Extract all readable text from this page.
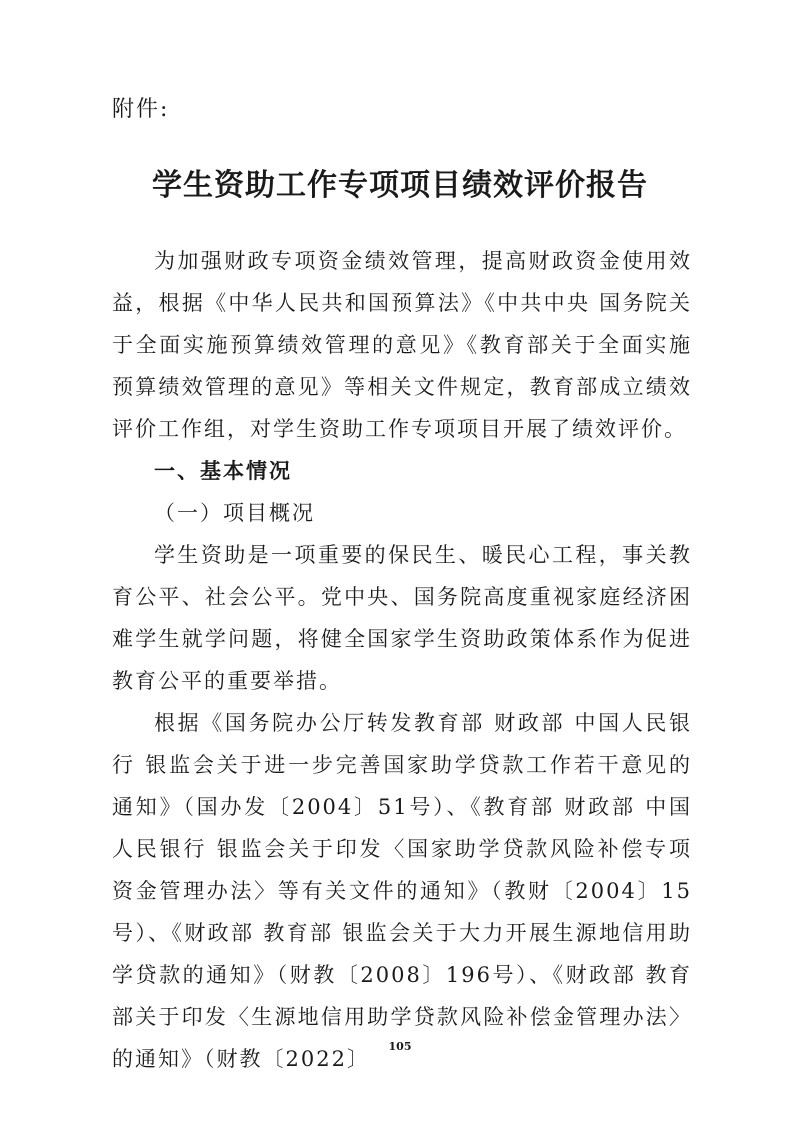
附件:
学生资助工作专项项目绩效评价报告

为加强财政专项资金绩效管理，提高财政资金使用效益，根据《中华人民共和国预算法》《中共中央 国务院关于全面实施预算绩效管理的意见》《教育部关于全面实施预算绩效管理的意见》等相关文件规定，教育部成立绩效评价工作组，对学生资助工作专项项目开展了绩效评价。

一、基本情况

（一）项目概况

学生资助是一项重要的保民生、暖民心工程，事关教育公平、社会公平。党中央、国务院高度重视家庭经济困难学生就学问题，将健全国家学生资助政策体系作为促进教育公平的重要举措。

根据《国务院办公厅转发教育部 财政部 中国人民银行 银监会关于进一步完善国家助学贷款工作若干意见的通知》（国办发〔2004〕51号）、《教育部 财政部 中国人民银行 银监会关于印发〈国家助学贷款风险补偿专项资金管理办法〉等有关文件的通知》（教财〔2004〕15号）、《财政部 教育部 银监会关于大力开展生源地信用助学贷款的通知》（财教〔2008〕196号）、《财政部 教育部关于印发〈生源地信用助学贷款风险补偿金管理办法〉的通知》（财教〔2022〕

105
